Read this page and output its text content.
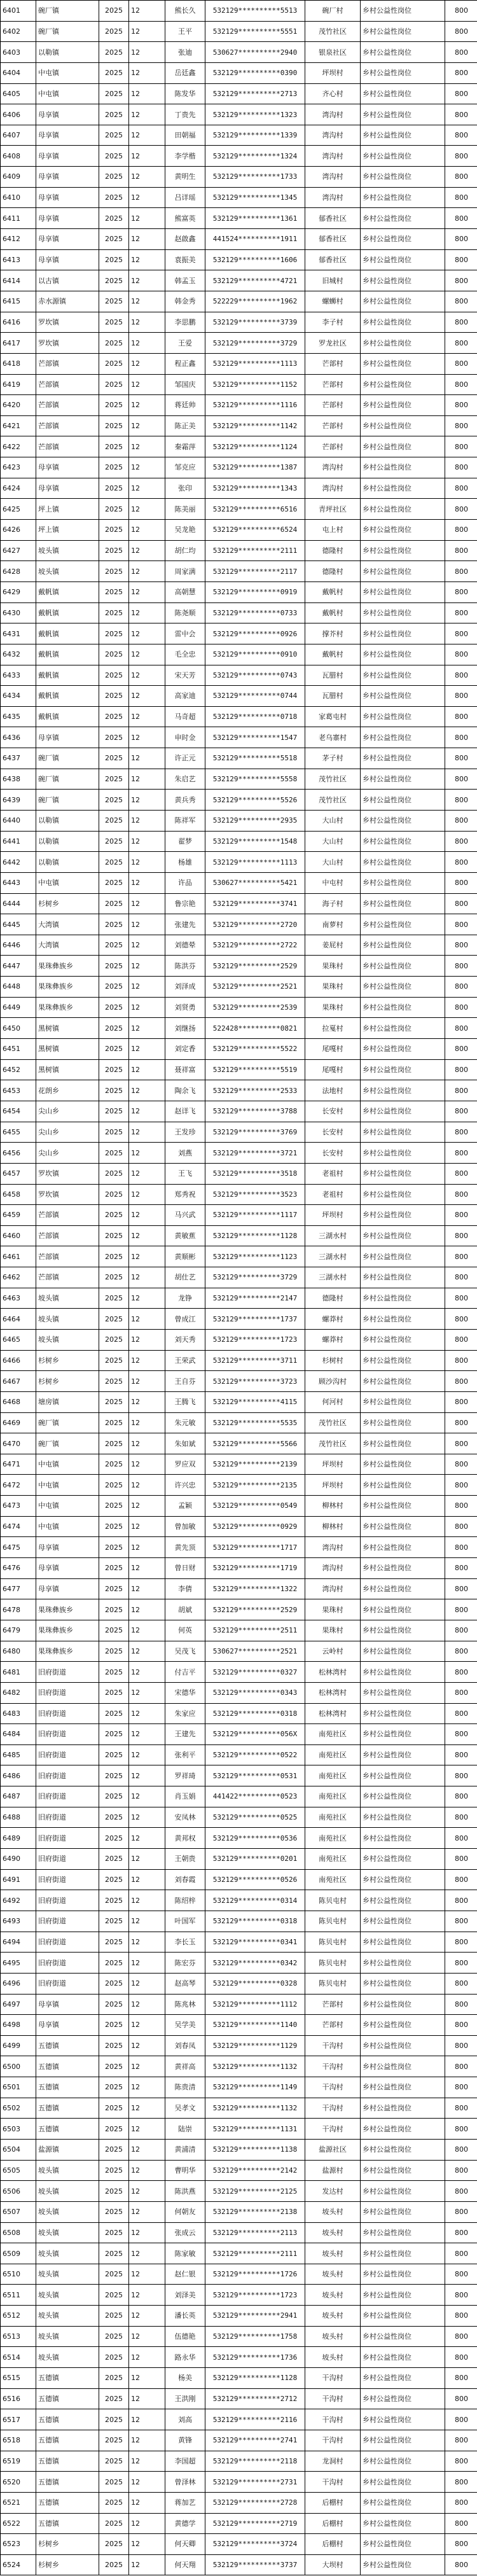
6401	碗厂镇	2025	12	熊长久	532129**********5513	碗厂村	乡村公益性岗位	800
6402	碗厂镇	2025	12	王平	532129**********5551	茂竹社区	乡村公益性岗位	800
6403	以勒镇	2025	12	张迪	530627**********2940	银泉社区	乡村公益性岗位	800
6404	中屯镇	2025	12	岳廷鑫	532129**********0390	坪坝村	乡村公益性岗位	800
6405	中屯镇	2025	12	陈发华	532129**********2713	齐心村	乡村公益性岗位	800
6406	母享镇	2025	12	丁贵先	532129**********1323	湾沟村	乡村公益性岗位	800
6407	母享镇	2025	12	田朝福	532129**********1339	湾沟村	乡村公益性岗位	800
6408	母享镇	2025	12	李学楷	532129**********1324	湾沟村	乡村公益性岗位	800
6409	母享镇	2025	12	黄明生	532129**********1733	湾沟村	乡村公益性岗位	800
6410	母享镇	2025	12	吕详瑶	532129**********1345	湾沟村	乡村公益性岗位	800
6411	母享镇	2025	12	熊富英	532129**********1361	郁香社区	乡村公益性岗位	800
6412	母享镇	2025	12	赵啟鑫	441524**********1911	郁香社区	乡村公益性岗位	800
6413	母享镇	2025	12	袁振美	532129**********1606	郁香社区	乡村公益性岗位	800
6414	以古镇	2025	12	韩孟玉	532129**********4721	旧城村	乡村公益性岗位	800
6415	赤水源镇	2025	12	韩金秀	522229**********1962	螺蛳村	乡村公益性岗位	800
6416	罗坎镇	2025	12	李思鹏	532129**********3739	李子村	乡村公益性岗位	800
6417	罗坎镇	2025	12	王爱	532129**********3729	罗龙社区	乡村公益性岗位	800
6418	芒部镇	2025	12	程正鑫	532129**********1113	芒部村	乡村公益性岗位	800
6419	芒部镇	2025	12	邹国庆	532129**********1152	芒部村	乡村公益性岗位	800
6420	芒部镇	2025	12	蒋廷帅	532129**********1116	芒部村	乡村公益性岗位	800
6421	芒部镇	2025	12	陈正美	532129**********1142	芒部村	乡村公益性岗位	800
6422	芒部镇	2025	12	秦霜萍	532129**********1124	芒部村	乡村公益性岗位	800
6423	母享镇	2025	12	邹克应	532129**********1387	湾沟村	乡村公益性岗位	800
6424	母享镇	2025	12	张印	532129**********1343	湾沟村	乡村公益性岗位	800
6425	坪上镇	2025	12	陈美丽	532129**********6516	青坪社区	乡村公益性岗位	800
6426	坪上镇	2025	12	吴龙艳	532129**********6524	屯上村	乡村公益性岗位	800
6427	坡头镇	2025	12	胡仁均	532129**********2111	德隆村	乡村公益性岗位	800
6428	坡头镇	2025	12	周家满	532129**********2117	德隆村	乡村公益性岗位	800
6429	戴帆镇	2025	12	高朝慧	532129**********0919	戴帆村	乡村公益性岗位	800
6430	戴帆镇	2025	12	陈尧顺	532129**********0733	戴帆村	乡村公益性岗位	800
6431	戴帆镇	2025	12	雷中会	532129**********0926	撑芥村	乡村公益性岗位	800
6432	戴帆镇	2025	12	毛全忠	532129**********0910	戴帆村	乡村公益性岗位	800
6433	戴帆镇	2025	12	宋天芳	532129**********0743	瓦腊村	乡村公益性岗位	800
6434	戴帆镇	2025	12	高家迪	532129**********0744	瓦腊村	乡村公益性岗位	800
6435	戴帆镇	2025	12	马奇超	532129**********0718	家葛屯村	乡村公益性岗位	800
6436	母享镇	2025	12	申时金	532129**********1547	老乌寨村	乡村公益性岗位	800
6437	碗厂镇	2025	12	许正元	532129**********5518	茅子村	乡村公益性岗位	800
6438	碗厂镇	2025	12	朱启艺	532129**********5558	茂竹社区	乡村公益性岗位	800
6439	碗厂镇	2025	12	黄兵秀	532129**********5526	茂竹社区	乡村公益性岗位	800
6440	以勒镇	2025	12	陈祥军	532129**********2935	大山村	乡村公益性岗位	800
6441	以勒镇	2025	12	翟梦	532129**********1548	大山村	乡村公益性岗位	800
6442	以勒镇	2025	12	杨雄	532129**********1113	大山村	乡村公益性岗位	800
6443	中屯镇	2025	12	许品	530627**********5421	中屯村	乡村公益性岗位	800
6444	杉树乡	2025	12	鲁宗艳	532129**********3741	海子村	乡村公益性岗位	800
6445	大湾镇	2025	12	张建先	532129**********2720	南萝村	乡村公益性岗位	800
6446	大湾镇	2025	12	刘德晕	532129**********2722	姜屁村	乡村公益性岗位	800
6447	果珠彝族乡	2025	12	陈洪芬	532129**********2529	果珠村	乡村公益性岗位	800
6448	果珠彝族乡	2025	12	刘泽成	532129**********2521	果珠村	乡村公益性岗位	800
6449	果珠彝族乡	2025	12	刘贤勇	532129**********2539	果珠村	乡村公益性岗位	800
6450	黑树镇	2025	12	刘继扬	522428**********0821	拉戛村	乡村公益性岗位	800
6451	黑树镇	2025	12	刘定香	532129**********5522	尾嘎村	乡村公益性岗位	800
6452	黑树镇	2025	12	聂祥富	532129**********5519	尾嘎村	乡村公益性岗位	800
6453	花朗乡	2025	12	陶余飞	532129**********2533	法地村	乡村公益性岗位	800
6454	尖山乡	2025	12	赵详飞	532129**********3788	长安村	乡村公益性岗位	800
6455	尖山乡	2025	12	王发珍	532129**********3769	长安村	乡村公益性岗位	800
6456	尖山乡	2025	12	刘燕	532129**********3721	长安村	乡村公益性岗位	800
6457	罗坎镇	2025	12	王飞	532129**********3518	老祖村	乡村公益性岗位	800
6458	罗坎镇	2025	12	郑秀祝	532129**********3523	老祖村	乡村公益性岗位	800
6459	芒部镇	2025	12	马兴武	532129**********1117	坪坝村	乡村公益性岗位	800
6460	芒部镇	2025	12	黄敏蕉	532129**********1128	三湖水村	乡村公益性岗位	800
6461	芒部镇	2025	12	黄顺彬	532129**********1123	三湖水村	乡村公益性岗位	800
6462	芒部镇	2025	12	胡仕艺	532129**********3729	三湖水村	乡村公益性岗位	800
6463	坡头镇	2025	12	龙铮	532129**********2147	德隆村	乡村公益性岗位	800
6464	坡头镇	2025	12	曾成江	532129**********1737	螺莽村	乡村公益性岗位	800
6465	坡头镇	2025	12	刘天秀	532129**********1723	螺莽村	乡村公益性岗位	800
6466	杉树乡	2025	12	王荣武	532129**********3711	杉树村	乡村公益性岗位	800
6467	杉树乡	2025	12	王自芬	532129**********3723	顾沙沟村	乡村公益性岗位	800
6468	塘房镇	2025	12	王腾飞	532129**********4115	何河村	乡村公益性岗位	800
6469	碗厂镇	2025	12	朱元敏	532129**********5535	茂竹社区	乡村公益性岗位	800
6470	碗厂镇	2025	12	朱如斌	532129**********5566	茂竹社区	乡村公益性岗位	800
6471	中屯镇	2025	12	罗应双	532129**********2139	坪坝村	乡村公益性岗位	800
6472	中屯镇	2025	12	许兴忠	532129**********2135	坪坝村	乡村公益性岗位	800
6473	中屯镇	2025	12	孟颖	532129**********0549	柳林村	乡村公益性岗位	800
6474	中屯镇	2025	12	曾加敏	532129**********0929	柳林村	乡村公益性岗位	800
6475	母享镇	2025	12	黄先顶	532129**********1717	湾沟村	乡村公益性岗位	800
6476	母享镇	2025	12	曾日财	532129**********1719	湾沟村	乡村公益性岗位	800
6477	母享镇	2025	12	李倩	532129**********1322	湾沟村	乡村公益性岗位	800
6478	果珠彝族乡	2025	12	胡斌	532129**********2529	果珠村	乡村公益性岗位	800
6479	果珠彝族乡	2025	12	何英	532129**********2511	果珠村	乡村公益性岗位	800
6480	果珠彝族乡	2025	12	吴茂飞	530627**********2521	云岭村	乡村公益性岗位	800
6481	旧府街道	2025	12	付吉平	532129**********0327	松林湾村	乡村公益性岗位	800
6482	旧府街道	2025	12	宋德华	532129**********0343	松林湾村	乡村公益性岗位	800
6483	旧府街道	2025	12	朱家应	532129**********0318	松林湾村	乡村公益性岗位	800
6484	旧府街道	2025	12	王建先	532129**********056X	南苑社区	乡村公益性岗位	800
6485	旧府街道	2025	12	张利平	532129**********0522	南苑社区	乡村公益性岗位	800
6486	旧府街道	2025	12	罗祥琦	532129**********0531	南苑社区	乡村公益性岗位	800
6487	旧府街道	2025	12	肖玉娟	441422**********0523	南苑社区	乡村公益性岗位	800
6488	旧府街道	2025	12	安凤林	532129**********0525	南苑社区	乡村公益性岗位	800
6489	旧府街道	2025	12	黄邦权	532129**********0536	南苑社区	乡村公益性岗位	800
6490	旧府街道	2025	12	王朝贵	532129**********0201	南苑社区	乡村公益性岗位	800
6491	旧府街道	2025	12	刘春霞	532129**********0526	南苑社区	乡村公益性岗位	800
6492	旧府街道	2025	12	陈绍梓	532129**********0314	陈贝屯村	乡村公益性岗位	800
6493	旧府街道	2025	12	叶国军	532129**********0318	陈贝屯村	乡村公益性岗位	800
6494	旧府街道	2025	12	李长玉	532129**********0341	陈贝屯村	乡村公益性岗位	800
6495	旧府街道	2025	12	陈宏芬	532129**********0342	陈贝屯村	乡村公益性岗位	800
6496	旧府街道	2025	12	赵高琴	532129**********0328	陈贝屯村	乡村公益性岗位	800
6497	母享镇	2025	12	陈兆林	532129**********1112	芒部村	乡村公益性岗位	800
6498	母享镇	2025	12	吴学美	532129**********1140	芒部村	乡村公益性岗位	800
6499	五德镇	2025	12	刘春凤	532129**********1129	干沟村	乡村公益性岗位	800
6500	五德镇	2025	12	黄祥高	532129**********1132	干沟村	乡村公益性岗位	800
6501	五德镇	2025	12	陈贵清	532129**********1149	干沟村	乡村公益性岗位	800
6502	五德镇	2025	12	吴孝文	532129**********1132	干沟村	乡村公益性岗位	800
6503	五德镇	2025	12	陆崇	532129**********1131	干沟村	乡村公益性岗位	800
6504	盐源镇	2025	12	黄浦清	532129**********1138	盐源社区	乡村公益性岗位	800
6505	坡头镇	2025	12	曹明华	532129**********2142	盐源村	乡村公益性岗位	800
6506	坡头镇	2025	12	陈洪燕	532129**********2125	发达村	乡村公益性岗位	800
6507	坡头镇	2025	12	何朝友	532129**********2138	坡头村	乡村公益性岗位	800
6508	坡头镇	2025	12	张成云	532129**********2113	坡头村	乡村公益性岗位	800
6509	坡头镇	2025	12	陈家敏	532129**********2111	坡头村	乡村公益性岗位	800
6510	坡头镇	2025	12	赵仁银	532129**********1726	坡头村	乡村公益性岗位	800
6511	坡头镇	2025	12	刘泽美	532129**********1723	坡头村	乡村公益性岗位	800
6512	坡头镇	2025	12	潘长英	532129**********2941	坡头村	乡村公益性岗位	800
6513	坡头镇	2025	12	伍德艳	532129**********1758	坡头村	乡村公益性岗位	800
6514	坡头镇	2025	12	路永华	532129**********1736	坡头村	乡村公益性岗位	800
6515	五德镇	2025	12	杨美	532129**********1128	干沟村	乡村公益性岗位	800
6516	五德镇	2025	12	王洪刚	532129**********2712	干沟村	乡村公益性岗位	800
6517	五德镇	2025	12	刘高	532129**********2116	干沟村	乡村公益性岗位	800
6518	五德镇	2025	12	黄锋	532129**********2741	干沟村	乡村公益性岗位	800
6519	五德镇	2025	12	李国超	532129**********2118	龙洞村	乡村公益性岗位	800
6520	五德镇	2025	12	曾泽林	532129**********2731	干沟村	乡村公益性岗位	800
6521	五德镇	2025	12	蒋加艺	532129**********2728	后棚村	乡村公益性岗位	800
6522	五德镇	2025	12	黄德学	532129**********2719	后棚村	乡村公益性岗位	800
6523	杉树乡	2025	12	何天卿	532129**********3724	后棚村	乡村公益性岗位	800
6524	杉树乡	2025	12	何天翔	532129**********3737	大坝村	乡村公益性岗位	800
